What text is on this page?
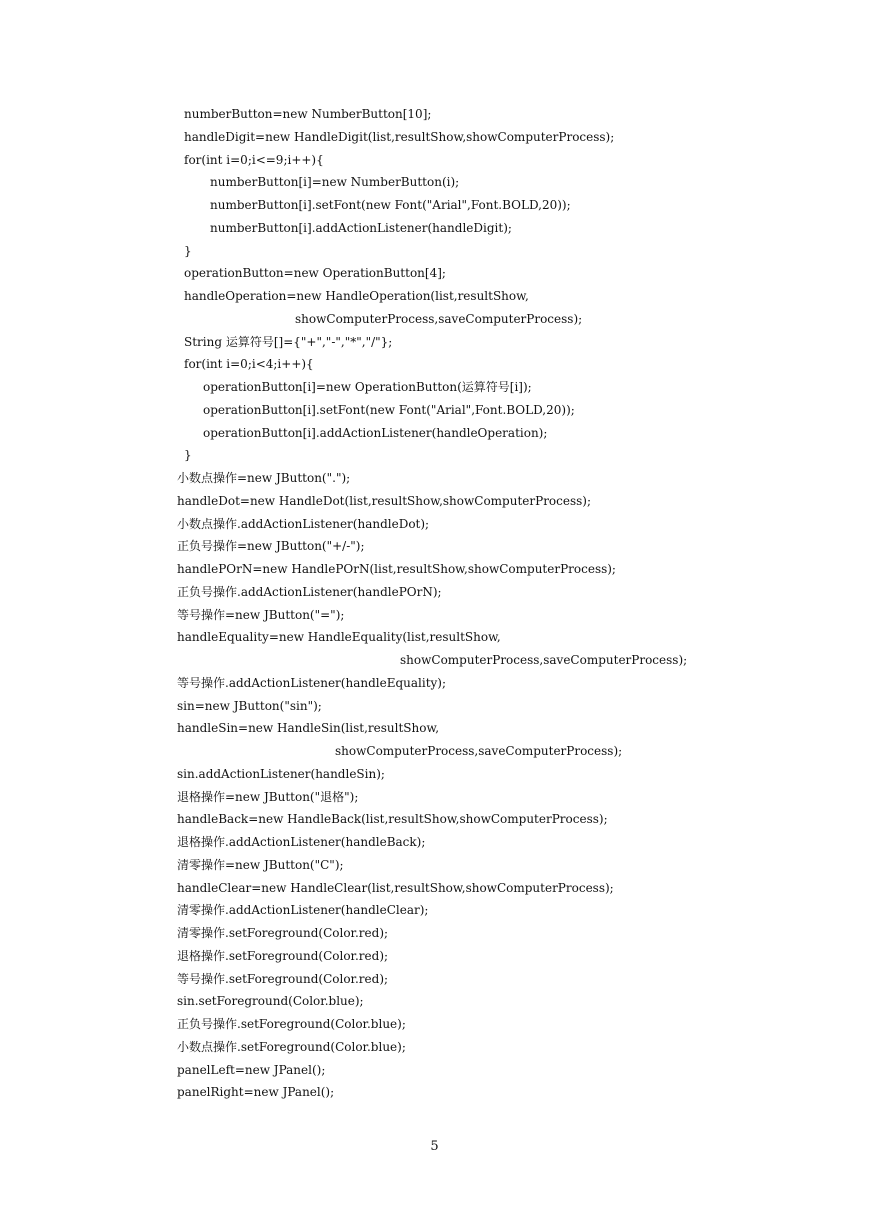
numberButton=new NumberButton[10];
handleDigit=new HandleDigit(list,resultShow,showComputerProcess);
for(int i=0;i<=9;i++){
numberButton[i]=new NumberButton(i);
numberButton[i].setFont(new Font("Arial",Font.BOLD,20));
numberButton[i].addActionListener(handleDigit);
}
operationButton=new OperationButton[4];
handleOperation=new HandleOperation(list,resultShow,
showComputerProcess,saveComputerProcess);
String 运算符号[]={"+","-","*","/"};
for(int i=0;i<4;i++){
operationButton[i]=new OperationButton(运算符号[i]);
operationButton[i].setFont(new Font("Arial",Font.BOLD,20));
operationButton[i].addActionListener(handleOperation);
}
小数点操作=new JButton(".");
handleDot=new HandleDot(list,resultShow,showComputerProcess);
小数点操作.addActionListener(handleDot);
正负号操作=new JButton("+/-");
handlePOrN=new HandlePOrN(list,resultShow,showComputerProcess);
正负号操作.addActionListener(handlePOrN);
等号操作=new JButton("=");
handleEquality=new HandleEquality(list,resultShow,
showComputerProcess,saveComputerProcess);
等号操作.addActionListener(handleEquality);
sin=new JButton("sin");
handleSin=new HandleSin(list,resultShow,
showComputerProcess,saveComputerProcess);
sin.addActionListener(handleSin);
退格操作=new JButton("退格");
handleBack=new HandleBack(list,resultShow,showComputerProcess);
退格操作.addActionListener(handleBack);
清零操作=new JButton("C");
handleClear=new HandleClear(list,resultShow,showComputerProcess);
清零操作.addActionListener(handleClear);
清零操作.setForeground(Color.red);
退格操作.setForeground(Color.red);
等号操作.setForeground(Color.red);
sin.setForeground(Color.blue);
正负号操作.setForeground(Color.blue);
小数点操作.setForeground(Color.blue);
panelLeft=new JPanel();
panelRight=new JPanel();
5
